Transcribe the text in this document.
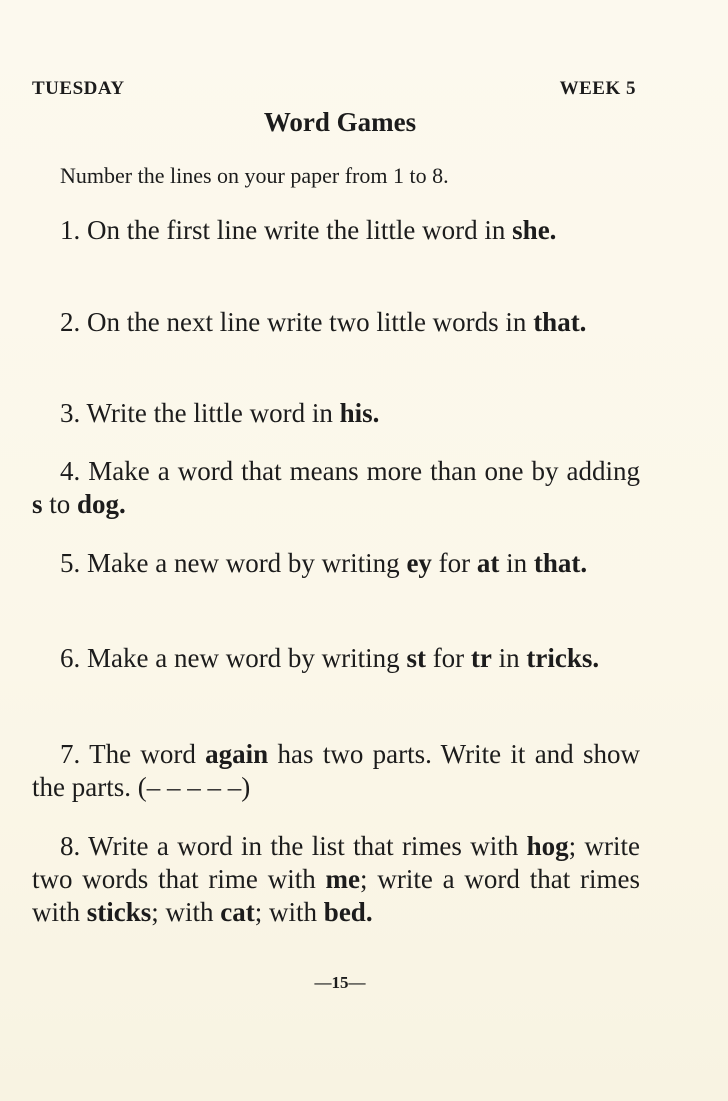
TUESDAY	WEEK 5
Word Games
Number the lines on your paper from 1 to 8.
1. On the first line write the little word in she.
2. On the next line write two little words in that.
3. Write the little word in his.
4. Make a word that means more than one by adding s to dog.
5. Make a new word by writing ey for at in that.
6. Make a new word by writing st for tr in tricks.
7. The word again has two parts. Write it and show the parts. (– – – – –)
8. Write a word in the list that rimes with hog; write two words that rime with me; write a word that rimes with sticks; with cat; with bed.
—15—
